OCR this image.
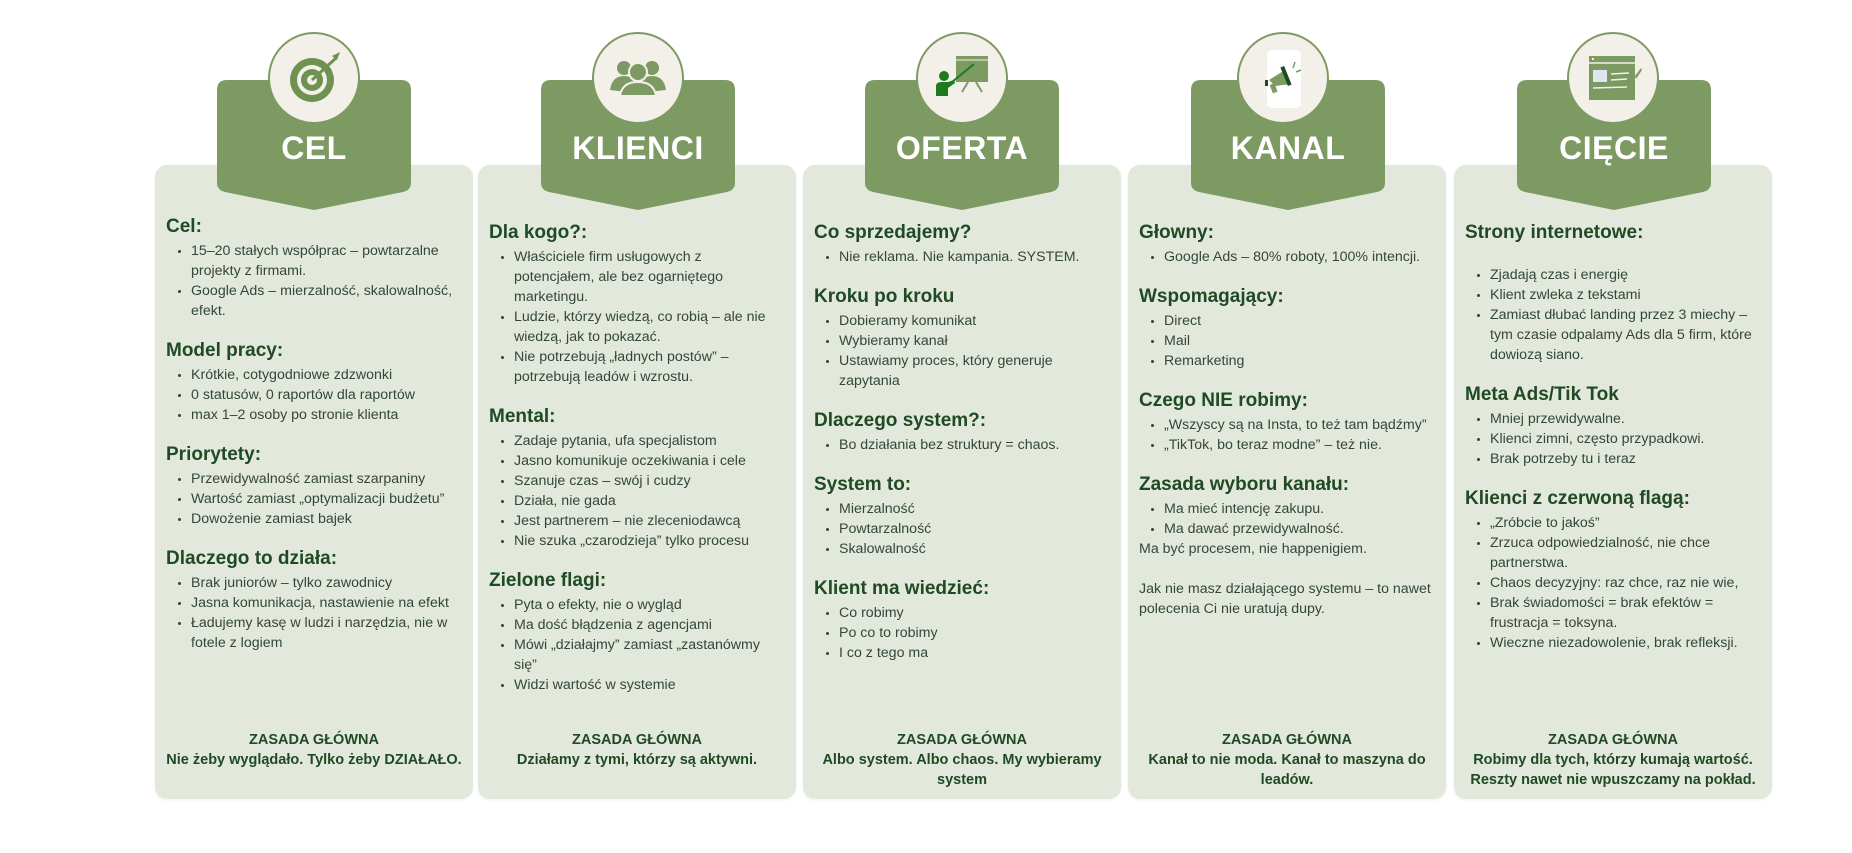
Cel:
• 15–20 stałych współprac – powtarzalne projekty z firmami.
• Google Ads – mierzalność, skalowalność, efekt.
Model pracy:
• Krótkie, cotygodniowe zdzwonki
• 0 statusów, 0 raportów dla raportów
• max 1–2 osoby po stronie klienta
Priorytety:
• Przewidywalność zamiast szarpaniny
• Wartość zamiast „optymalizacji budżetu”
• Dowożenie zamiast bajek
Dlaczego to działa:
• Brak juniorów – tylko zawodnicy
• Jasna komunikacja, nastawienie na efekt
• Ładujemy kasę w ludzi i narzędzia, nie w fotele z logiem
ZASADA GŁÓWNA
Nie żeby wyglądało. Tylko żeby DZIAŁAŁO.
CEL
Dla kogo?:
• Właściciele firm usługowych z potencjałem, ale bez ogarniętego marketingu.
• Ludzie, którzy wiedzą, co robią – ale nie wiedzą, jak to pokazać.
• Nie potrzebują „ładnych postów” – potrzebują leadów i wzrostu.
Mental:
• Zadaje pytania, ufa specjalistom
• Jasno komunikuje oczekiwania i cele
• Szanuje czas – swój i cudzy
• Działa, nie gada
• Jest partnerem – nie zleceniodawcą
• Nie szuka „czarodzieja” tylko procesu
Zielone flagi:
• Pyta o efekty, nie o wygląd
• Ma dość błądzenia z agencjami
• Mówi „działajmy” zamiast „zastanówmy się”
• Widzi wartość w systemie
ZASADA GŁÓWNA
Działamy z tymi, którzy są aktywni.
KLIENCI
Co sprzedajemy?
• Nie reklama. Nie kampania. SYSTEM.
Kroku po kroku
• Dobieramy komunikat
• Wybieramy kanał
• Ustawiamy proces, który generuje zapytania
Dlaczego system?:
• Bo działania bez struktury = chaos.
System to:
• Mierzalność
• Powtarzalność
• Skalowalność
Klient ma wiedzieć:
• Co robimy
• Po co to robimy
• I co z tego ma
ZASADA GŁÓWNA
Albo system. Albo chaos. My wybieramy system
OFERTA
Głowny:
• Google Ads – 80% roboty, 100% intencji.
Wspomagający:
• Direct
• Mail
• Remarketing
Czego NIE robimy:
• „Wszyscy są na Insta, to też tam bądźmy”
• „TikTok, bo teraz modne” – też nie.
Zasada wyboru kanału:
• Ma mieć intencję zakupu.
• Ma dawać przewidywalność.
Ma być procesem, nie happenigiem.
Jak nie masz działającego systemu – to nawet polecenia Ci nie uratują dupy.
ZASADA GŁÓWNA
Kanał to nie moda. Kanał to maszyna do leadów.
KANAL
Strony internetowe:
• Zjadają czas i energię
• Klient zwleka z tekstami
• Zamiast dłubać landing przez 3 miechy – tym czasie odpalamy Ads dla 5 firm, które dowiozą siano.
Meta Ads/Tik Tok
• Mniej przewidywalne.
• Klienci zimni, często przypadkowi.
• Brak potrzeby tu i teraz
Klienci z czerwoną flagą:
• „Zróbcie to jakoś”
• Zrzuca odpowiedzialność, nie chce partnerstwa.
• Chaos decyzyjny: raz chce, raz nie wie,
• Brak świadomości = brak efektów = frustracja = toksyna.
• Wieczne niezadowolenie, brak refleksji.
ZASADA GŁÓWNA
Robimy dla tych, którzy kumają wartość. Reszty nawet nie wpuszczamy na pokład.
CIĘCIE
